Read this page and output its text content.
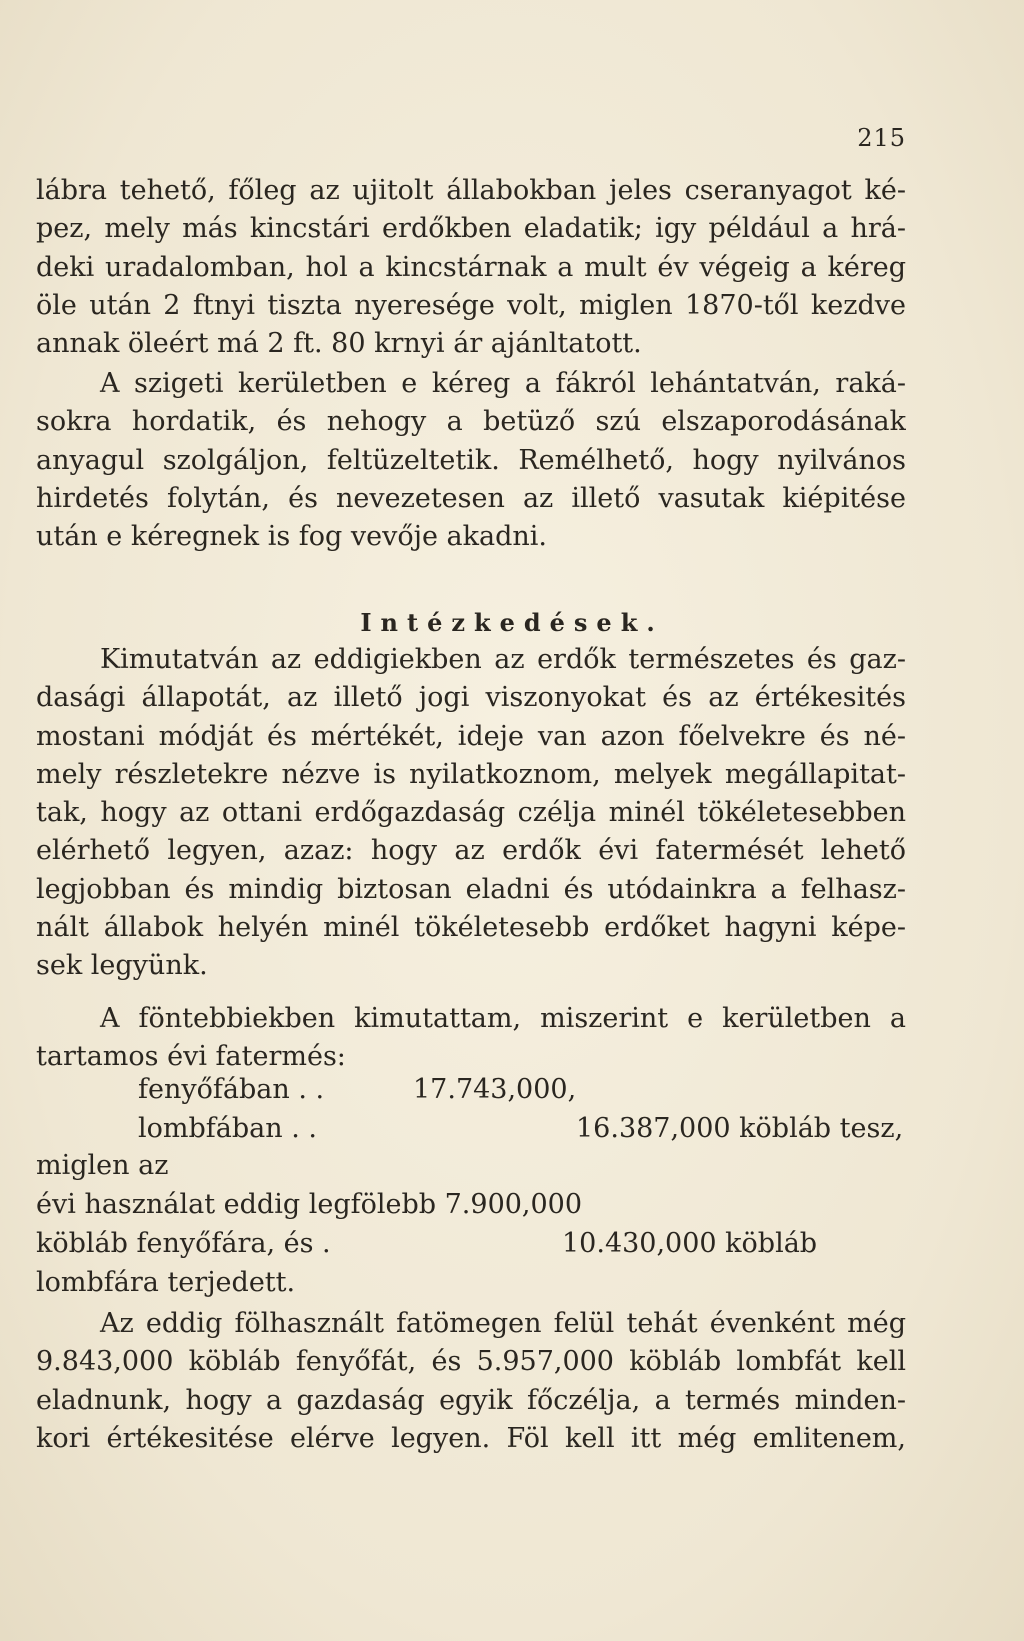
215
lábra tehető, főleg az ujitolt állabokban jeles cseranyagot ké-
pez, mely más kincstári erdőkben eladatik; igy például a hrá-
deki uradalomban, hol a kincstárnak a mult év végeig a kéreg
öle után 2 ftnyi tiszta nyeresége volt, miglen 1870-től kezdve
annak öleért má 2 ft. 80 krnyi ár ajánltatott.
A szigeti kerületben e kéreg a fákról lehántatván, raká-
sokra hordatik, és nehogy a betüző szú elszaporodásának
anyagul szolgáljon, feltüzeltetik. Remélhető, hogy nyilvános
hirdetés folytán, és nevezetesen az illető vasutak kiépitése
után e kéregnek is fog vevője akadni.
Intézkedések.
Kimutatván az eddigiekben az erdők természetes és gaz-
dasági állapotát, az illető jogi viszonyokat és az értékesités
mostani módját és mértékét, ideje van azon főelvekre és né-
mely részletekre nézve is nyilatkoznom, melyek megállapitat-
tak, hogy az ottani erdőgazdaság czélja minél tökéletesebben
elérhető legyen, azaz: hogy az erdők évi fatermését lehető
legjobban és mindig biztosan eladni és utódainkra a felhasz-
nált állabok helyén minél tökéletesebb erdőket hagyni képe-
sek legyünk.
A föntebbiekben kimutattam, miszerint e kerületben a
tartamos évi fatermés:
fenyőfában . .	17.743,000,
lombfában . .	16.387,000 köbláb tesz,
miglen az
évi használat eddig legfölebb 7.900,000
köbláb fenyőfára, és .	10.430,000 köbláb
lombfára terjedett.
Az eddig fölhasznált fatömegen felül tehát évenként még
9.843,000 köbláb fenyőfát, és 5.957,000 köbláb lombfát kell
eladnunk, hogy a gazdaság egyik főczélja, a termés minden-
kori értékesitése elérve legyen. Föl kell itt még emlitenem,
